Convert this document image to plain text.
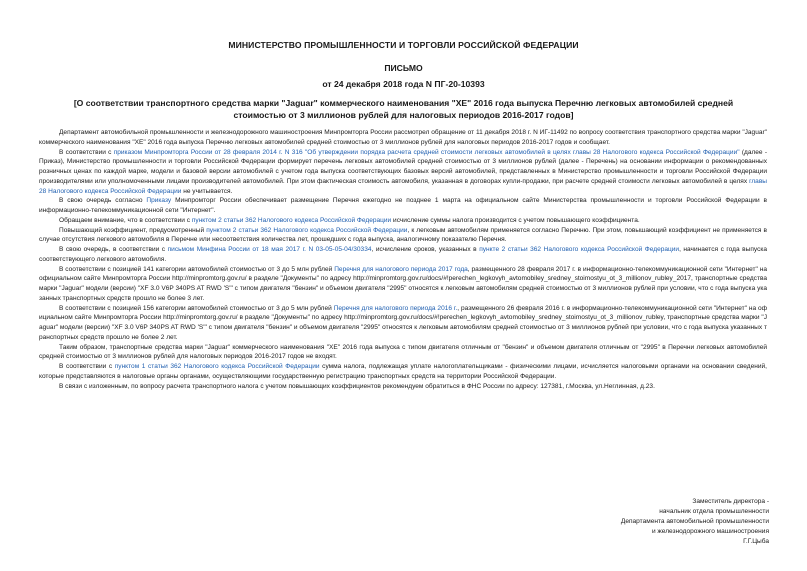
МИНИСТЕРСТВО ПРОМЫШЛЕННОСТИ И ТОРГОВЛИ РОССИЙСКОЙ ФЕДЕРАЦИИ
ПИСЬМО
от 24 декабря 2018 года N ПГ-20-10393
[О соответствии транспортного средства марки "Jaguar" коммерческого наименования "XE" 2016 года выпуска Перечню легковых автомобилей средней стоимостью от 3 миллионов рублей для налоговых периодов 2016-2017 годов]

Департамент автомобильной промышленности и железнодорожного машиностроения Минпромторга России рассмотрел обращение от 11 декабря 2018 г. N ИГ-11492 по вопросу соответствия транспортного средства марки "Jaguar" коммерческого наименования "XE" 2016 года выпуска Перечню легковых автомобилей средней стоимостью от 3 миллионов рублей для налоговых периодов 2016-2017 годов и сообщает.

В соответствии с приказом Минпромторга России от 28 февраля 2014 г. N 316 "Об утверждении порядка расчета средней стоимости легковых автомобилей в целях главы 28 Налогового кодекса Российской Федерации" (далее - Приказ), Министерство промышленности и торговли Российской Федерации формирует перечень легковых автомобилей средней стоимостью от 3 миллионов рублей (далее - Перечень) на основании информации о рекомендованных розничных ценах по каждой марке, модели и базовой версии автомобилей с учетом года выпуска соответствующих базовых версий автомобилей, представленных в Министерство промышленности и торговли Российской Федерации производителями или уполномоченными лицами производителей автомобилей. При этом фактическая стоимость автомобиля, указанная в договорах купли-продажи, при расчете средней стоимости легковых автомобилей в целях главы 28 Налогового кодекса Российской Федерации не учитывается.

В свою очередь согласно Приказу Минпромторг России обеспечивает размещение Перечня ежегодно не позднее 1 марта на официальном сайте Министерства промышленности и торговли Российской Федерации в информационно-телекоммуникационной сети "Интернет".

Обращаем внимание, что в соответствии с пунктом 2 статьи 362 Налогового кодекса Российской Федерации исчисление суммы налога производится с учетом повышающего коэффициента.

Повышающий коэффициент, предусмотренный пунктом 2 статьи 362 Налогового кодекса Российской Федерации, к легковым автомобилям применяется согласно Перечню. При этом, повышающий коэффициент не применяется в случае отсутствия легкового автомобиля в Перечне или несоответствия количества лет, прошедших с года выпуска, аналогичному показателю Перечня.

В свою очередь, в соответствии с письмом Минфина России от 18 мая 2017 г. N 03-05-05-04/30334, исчисление сроков, указанных в пункте 2 статьи 362 Налогового кодекса Российской Федерации, начинается с года выпуска соответствующего легкового автомобиля.

В соответствии с позицией 141 категории автомобилей стоимостью от 3 до 5 млн рублей Перечня для налогового периода 2017 года, размещенного 28 февраля 2017 г. в информационно-телекоммуникационной сети "Интернет" на официальном сайте Минпромторга России http://minpromtorg.gov.ru/ в разделе "Документы" по адресу http://minpromtorg.gov.ru/docs/#!perechen_legkovyh_avtomobiley_sredney_stoimostyu_ot_3_millionov_rubley_2017, транспортные средства марки "Jaguar" модели (версии) "XF 3.0 V6P 340PS AT RWD 'S'" с типом двигателя "бензин" и объемом двигателя "2995" относятся к легковым автомобилям средней стоимостью от 3 миллионов рублей при условии, что с года выпуска указанных транспортных средств прошло не более 3 лет.

В соответствии с позицией 156 категории автомобилей стоимостью от 3 до 5 млн рублей Перечня для налогового периода 2016 г., размещенного 26 февраля 2016 г. в информационно-телекоммуникационной сети "Интернет" на официальном сайте Минпромторга России http://minpromtorg.gov.ru/ в разделе "Документы" по адресу http://minpromtorg.gov.ru/docs/#!perechen_legkovyh_avtomobiley_sredney_stoimostyu_ot_3_millionov_rubley, транспортные средства марки "Jaguar" модели (версии) "XF 3.0 V6P 340PS AT RWD 'S'" с типом двигателя "бензин" и объемом двигателя "2995" относятся к легковым автомобилям средней стоимостью от 3 миллионов рублей при условии, что с года выпуска указанных транспортных средств прошло не более 2 лет.

Таким образом, транспортные средства марки "Jaguar" коммерческого наименования "XE" 2016 года выпуска с типом двигателя отличным от "бензин" и объемом двигателя отличным от "2995" в Перечни легковых автомобилей средней стоимостью от 3 миллионов рублей для налоговых периодов 2016-2017 годов не входят.

В соответствии с пунктом 1 статьи 362 Налогового кодекса Российской Федерации сумма налога, подлежащая уплате налогоплательщиками - физическими лицами, исчисляется налоговыми органами на основании сведений, которые представляются в налоговые органы органами, осуществляющими государственную регистрацию транспортных средств на территории Российской Федерации.

В связи с изложенным, по вопросу расчета транспортного налога с учетом повышающих коэффициентов рекомендуем обратиться в ФНС России по адресу: 127381, г.Москва, ул.Неглинная, д.23.

Заместитель директора -
начальник отдела промышленности
Департамента автомобильной промышленности
и железнодорожного машиностроения
Г.Г.Цыба
